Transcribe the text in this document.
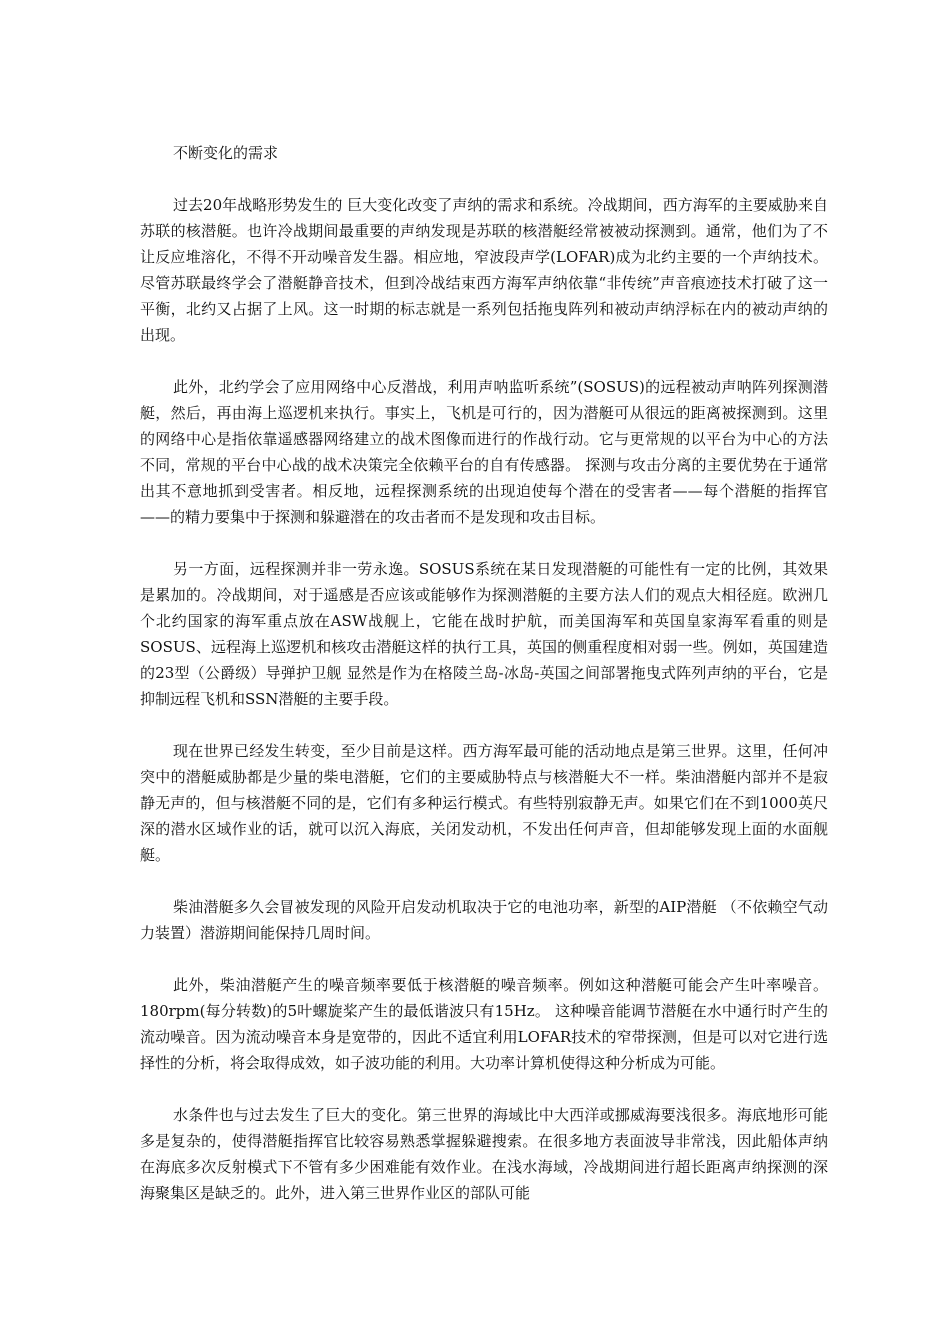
不断变化的需求

过去20年战略形势发生的 巨大变化改变了声纳的需求和系统。冷战期间，西方海军的主要威胁来自苏联的核潜艇。也许冷战期间最重要的声纳发现是苏联的核潜艇经常被被动探测到。通常，他们为了不让反应堆溶化，不得不开动噪音发生器。相应地，窄波段声学(LOFAR)成为北约主要的一个声纳技术。尽管苏联最终学会了潜艇静音技术，但到冷战结束西方海军声纳依靠“非传统”声音痕迹技术打破了这一平衡，北约又占据了上风。这一时期的标志就是一系列包括拖曳阵列和被动声纳浮标在内的被动声纳的出现。

此外，北约学会了应用网络中心反潜战，利用声呐监听系统”(SOSUS)的远程被动声呐阵列探测潜艇，然后，再由海上巡逻机来执行。事实上，飞机是可行的，因为潜艇可从很远的距离被探测到。这里的网络中心是指依靠遥感器网络建立的战术图像而进行的作战行动。它与更常规的以平台为中心的方法不同，常规的平台中心战的战术决策完全依赖平台的自有传感器。 探测与攻击分离的主要优势在于通常出其不意地抓到受害者。相反地，远程探测系统的出现迫使每个潜在的受害者——每个潜艇的指挥官——的精力要集中于探测和躲避潜在的攻击者而不是发现和攻击目标。

另一方面，远程探测并非一劳永逸。SOSUS系统在某日发现潜艇的可能性有一定的比例，其效果是累加的。冷战期间，对于遥感是否应该或能够作为探测潜艇的主要方法人们的观点大相径庭。欧洲几个北约国家的海军重点放在ASW战舰上，它能在战时护航，而美国海军和英国皇家海军看重的则是SOSUS、远程海上巡逻机和核攻击潜艇这样的执行工具，英国的侧重程度相对弱一些。例如，英国建造的23型（公爵级）导弹护卫舰 显然是作为在格陵兰岛-冰岛-英国之间部署拖曳式阵列声纳的平台，它是抑制远程飞机和SSN潜艇的主要手段。

现在世界已经发生转变，至少目前是这样。西方海军最可能的活动地点是第三世界。这里，任何冲突中的潜艇威胁都是少量的柴电潜艇，它们的主要威胁特点与核潜艇大不一样。柴油潜艇内部并不是寂静无声的，但与核潜艇不同的是，它们有多种运行模式。有些特别寂静无声。如果它们在不到1000英尺深的潜水区域作业的话，就可以沉入海底，关闭发动机，不发出任何声音，但却能够发现上面的水面舰艇。

柴油潜艇多久会冒被发现的风险开启发动机取决于它的电池功率，新型的AIP潜艇 （不依赖空气动力装置）潜游期间能保持几周时间。

此外，柴油潜艇产生的噪音频率要低于核潜艇的噪音频率。例如这种潜艇可能会产生叶率噪音。180rpm(每分转数)的5叶螺旋桨产生的最低谐波只有15Hz。 这种噪音能调节潜艇在水中通行时产生的流动噪音。因为流动噪音本身是宽带的，因此不适宜利用LOFAR技术的窄带探测，但是可以对它进行选择性的分析，将会取得成效，如子波功能的利用。大功率计算机使得这种分析成为可能。

水条件也与过去发生了巨大的变化。第三世界的海域比中大西洋或挪威海要浅很多。海底地形可能多是复杂的，使得潜艇指挥官比较容易熟悉掌握躲避搜索。在很多地方表面波导非常浅，因此船体声纳在海底多次反射模式下不管有多少困难能有效作业。在浅水海域，冷战期间进行超长距离声纳探测的深海聚集区是缺乏的。此外，进入第三世界作业区的部队可能
